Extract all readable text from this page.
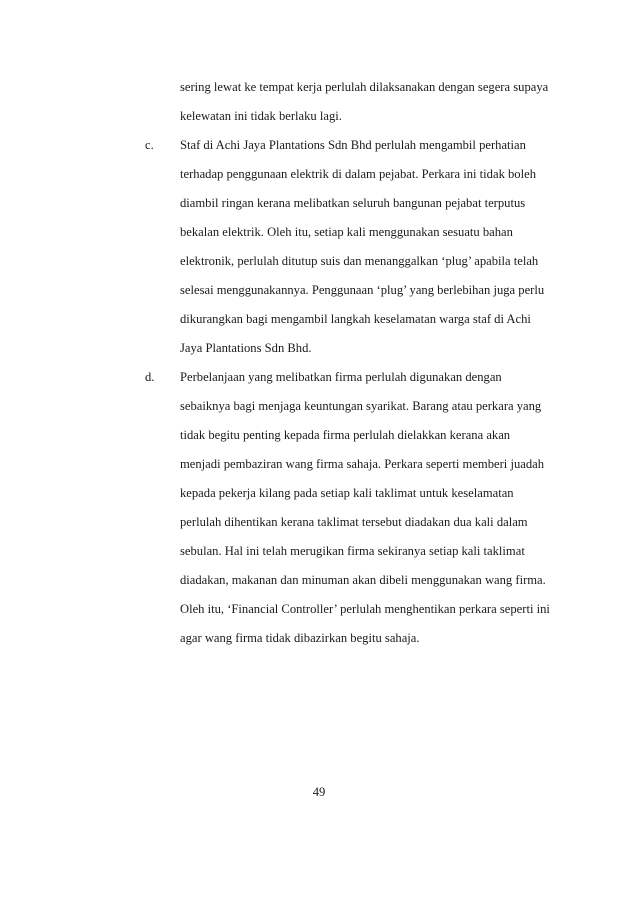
sering lewat ke tempat kerja perlulah dilaksanakan dengan segera supaya

kelewatan ini tidak berlaku lagi.

c. Staf di Achi Jaya Plantations Sdn Bhd perlulah mengambil perhatian

terhadap penggunaan elektrik di dalam pejabat. Perkara ini tidak boleh

diambil ringan kerana melibatkan seluruh bangunan pejabat terputus

bekalan elektrik. Oleh itu, setiap kali menggunakan sesuatu bahan

elektronik, perlulah ditutup suis dan menanggalkan ‘plug’ apabila telah

selesai menggunakannya. Penggunaan ‘plug’ yang berlebihan juga perlu

dikurangkan bagi mengambil langkah keselamatan warga staf di Achi

Jaya Plantations Sdn Bhd.

d. Perbelanjaan yang melibatkan firma perlulah digunakan dengan

sebaiknya bagi menjaga keuntungan syarikat. Barang atau perkara yang

tidak begitu penting kepada firma perlulah dielakkan kerana akan

menjadi pembaziran wang firma sahaja. Perkara seperti memberi juadah

kepada pekerja kilang pada setiap kali taklimat untuk keselamatan

perlulah dihentikan kerana taklimat tersebut diadakan dua kali dalam

sebulan. Hal ini telah merugikan firma sekiranya setiap kali taklimat

diadakan, makanan dan minuman akan dibeli menggunakan wang firma.

Oleh itu, ‘Financial Controller’ perlulah menghentikan perkara seperti ini

agar wang firma tidak dibazirkan begitu sahaja.

49
